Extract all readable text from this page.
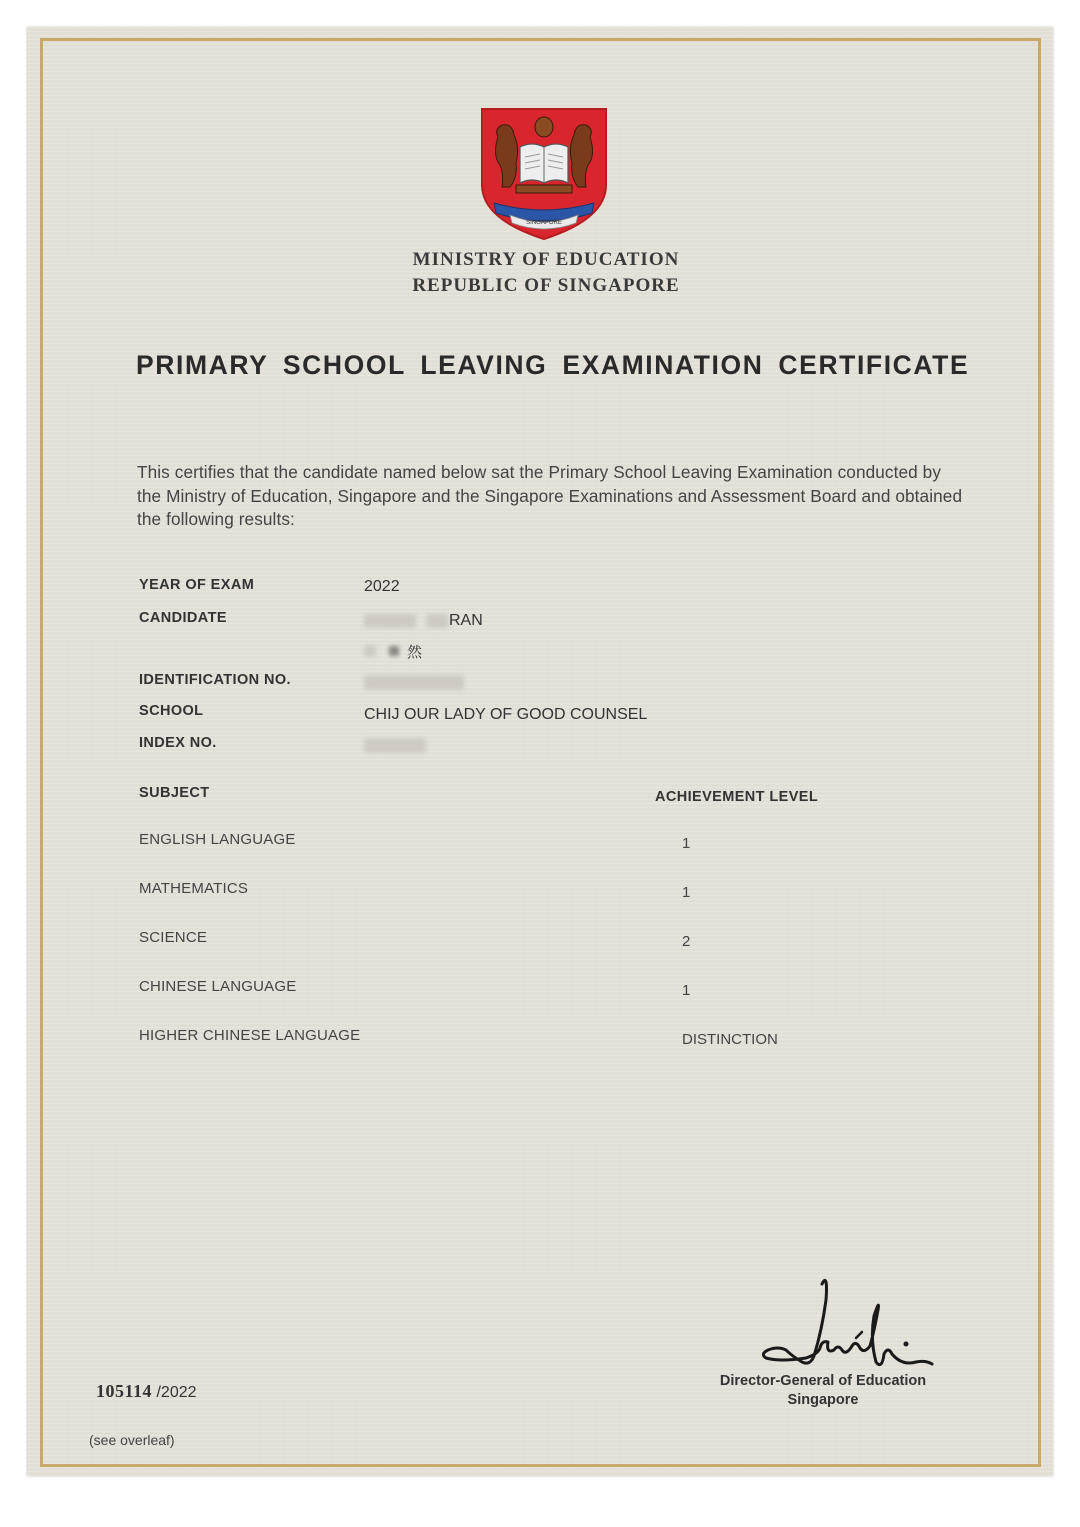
SINGAPORE
MINISTRY OF EDUCATION
REPUBLIC OF SINGAPORE
PRIMARY SCHOOL LEAVING EXAMINATION CERTIFICATE
This certifies that the candidate named below sat the Primary School Leaving Examination conducted by the Ministry of Education, Singapore and the Singapore Examinations and Assessment Board and obtained the following results:
YEAR OF EXAM	2022
CANDIDATE	RAN
然
IDENTIFICATION NO.
SCHOOL	CHIJ OUR LADY OF GOOD COUNSEL
INDEX NO.
SUBJECT	ACHIEVEMENT LEVEL
ENGLISH LANGUAGE	1
MATHEMATICS	1
SCIENCE	2
CHINESE LANGUAGE	1
HIGHER CHINESE LANGUAGE	DISTINCTION
105114 /2022
(see overleaf)
Director-General of Education
Singapore
